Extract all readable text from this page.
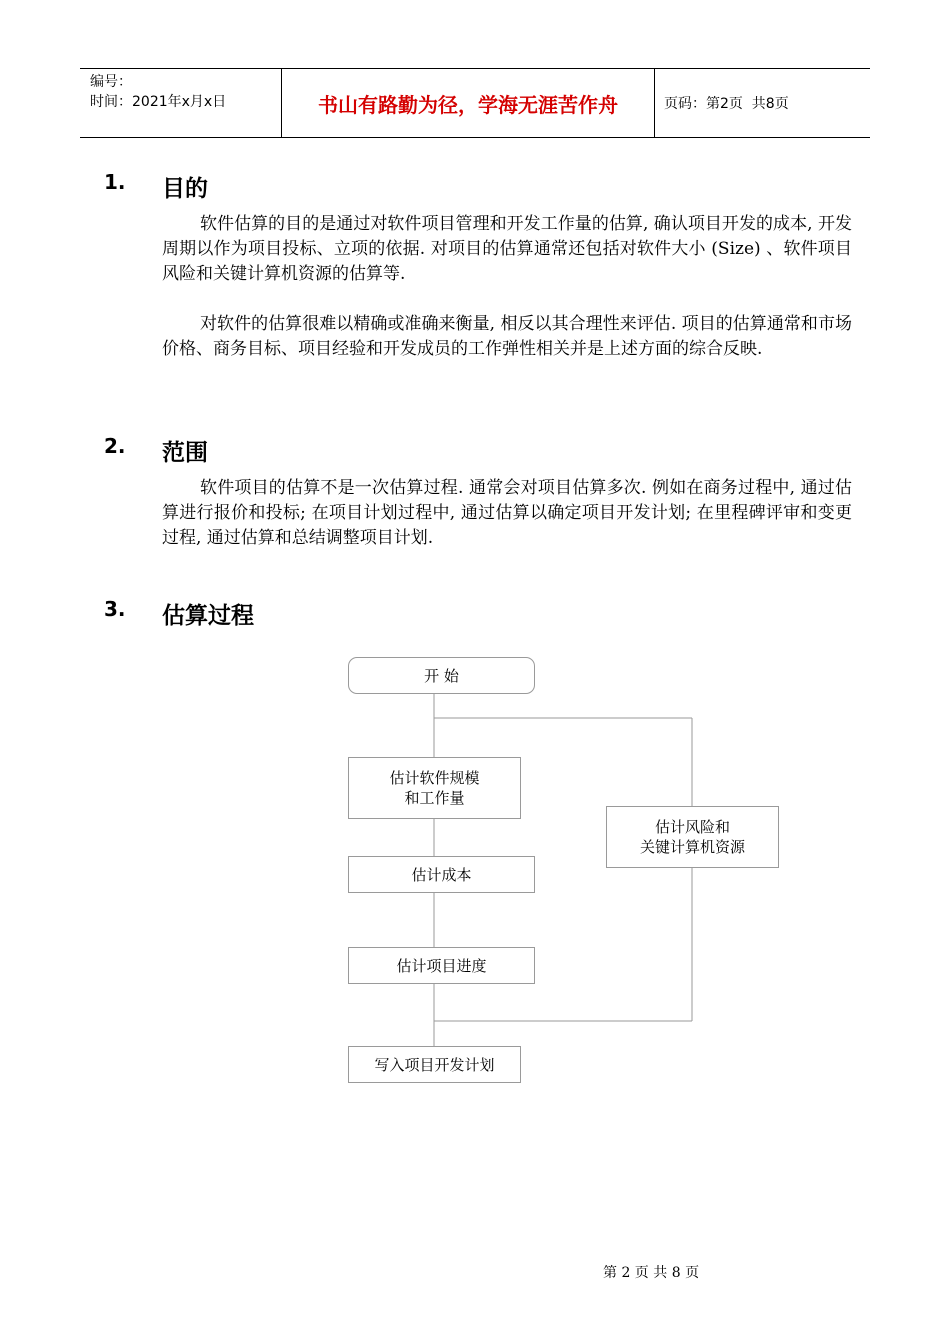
编号：
时间：2021年x月x日	书山有路勤为径，学海无涯苦作舟	页码：第2页  共8页
1.	目的
软件估算的目的是通过对软件项目管理和开发工作量的估算, 确认项目开发的成本, 开发周期以作为项目投标、立项的依据. 对项目的估算通常还包括对软件大小 (Size) 、软件项目风险和关键计算机资源的估算等.
对软件的估算很难以精确或准确来衡量, 相反以其合理性来评估. 项目的估算通常和市场价格、商务目标、项目经验和开发成员的工作弹性相关并是上述方面的综合反映.
2.	范围
软件项目的估算不是一次估算过程. 通常会对项目估算多次. 例如在商务过程中, 通过估算进行报价和投标; 在项目计划过程中, 通过估算以确定项目开发计划; 在里程碑评审和变更过程, 通过估算和总结调整项目计划.
3.	估算过程
开 始
估计软件规模
和工作量
估计成本
估计项目进度
估计风险和
关键计算机资源
写入项目开发计划

第 2 页 共 8 页
